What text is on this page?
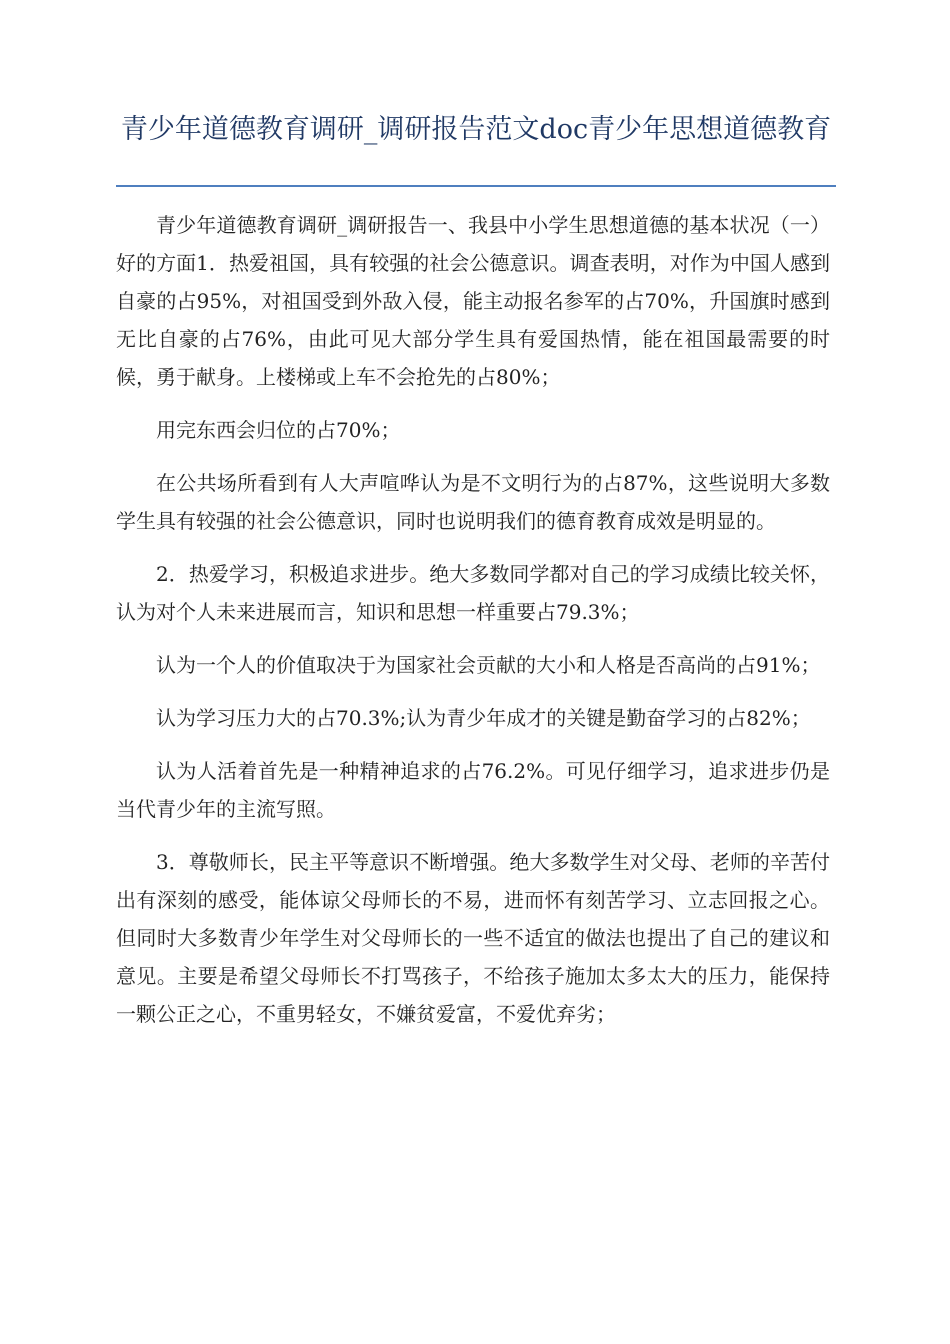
青少年道德教育调研_调研报告范文doc青少年思想道德教育

青少年道德教育调研_调研报告一、我县中小学生思想道德的基本状况（一）好的方面1．热爱祖国，具有较强的社会公德意识。调查表明，对作为中国人感到自豪的占95%，对祖国受到外敌入侵，能主动报名参军的占70%，升国旗时感到无比自豪的占76%，由此可见大部分学生具有爱国热情，能在祖国最需要的时候，勇于献身。上楼梯或上车不会抢先的占80%；

用完东西会归位的占70%；

在公共场所看到有人大声喧哗认为是不文明行为的占87%，这些说明大多数学生具有较强的社会公德意识，同时也说明我们的德育教育成效是明显的。

2．热爱学习，积极追求进步。绝大多数同学都对自己的学习成绩比较关怀，认为对个人未来进展而言，知识和思想一样重要占79.3%；

认为一个人的价值取决于为国家社会贡献的大小和人格是否高尚的占91%；

认为学习压力大的占70.3%;认为青少年成才的关键是勤奋学习的占82%；

认为人活着首先是一种精神追求的占76.2%。可见仔细学习，追求进步仍是当代青少年的主流写照。

3．尊敬师长，民主平等意识不断增强。绝大多数学生对父母、老师的辛苦付出有深刻的感受，能体谅父母师长的不易，进而怀有刻苦学习、立志回报之心。但同时大多数青少年学生对父母师长的一些不适宜的做法也提出了自己的建议和意见。主要是希望父母师长不打骂孩子，不给孩子施加太多太大的压力，能保持一颗公正之心，不重男轻女，不嫌贫爱富，不爱优弃劣；
